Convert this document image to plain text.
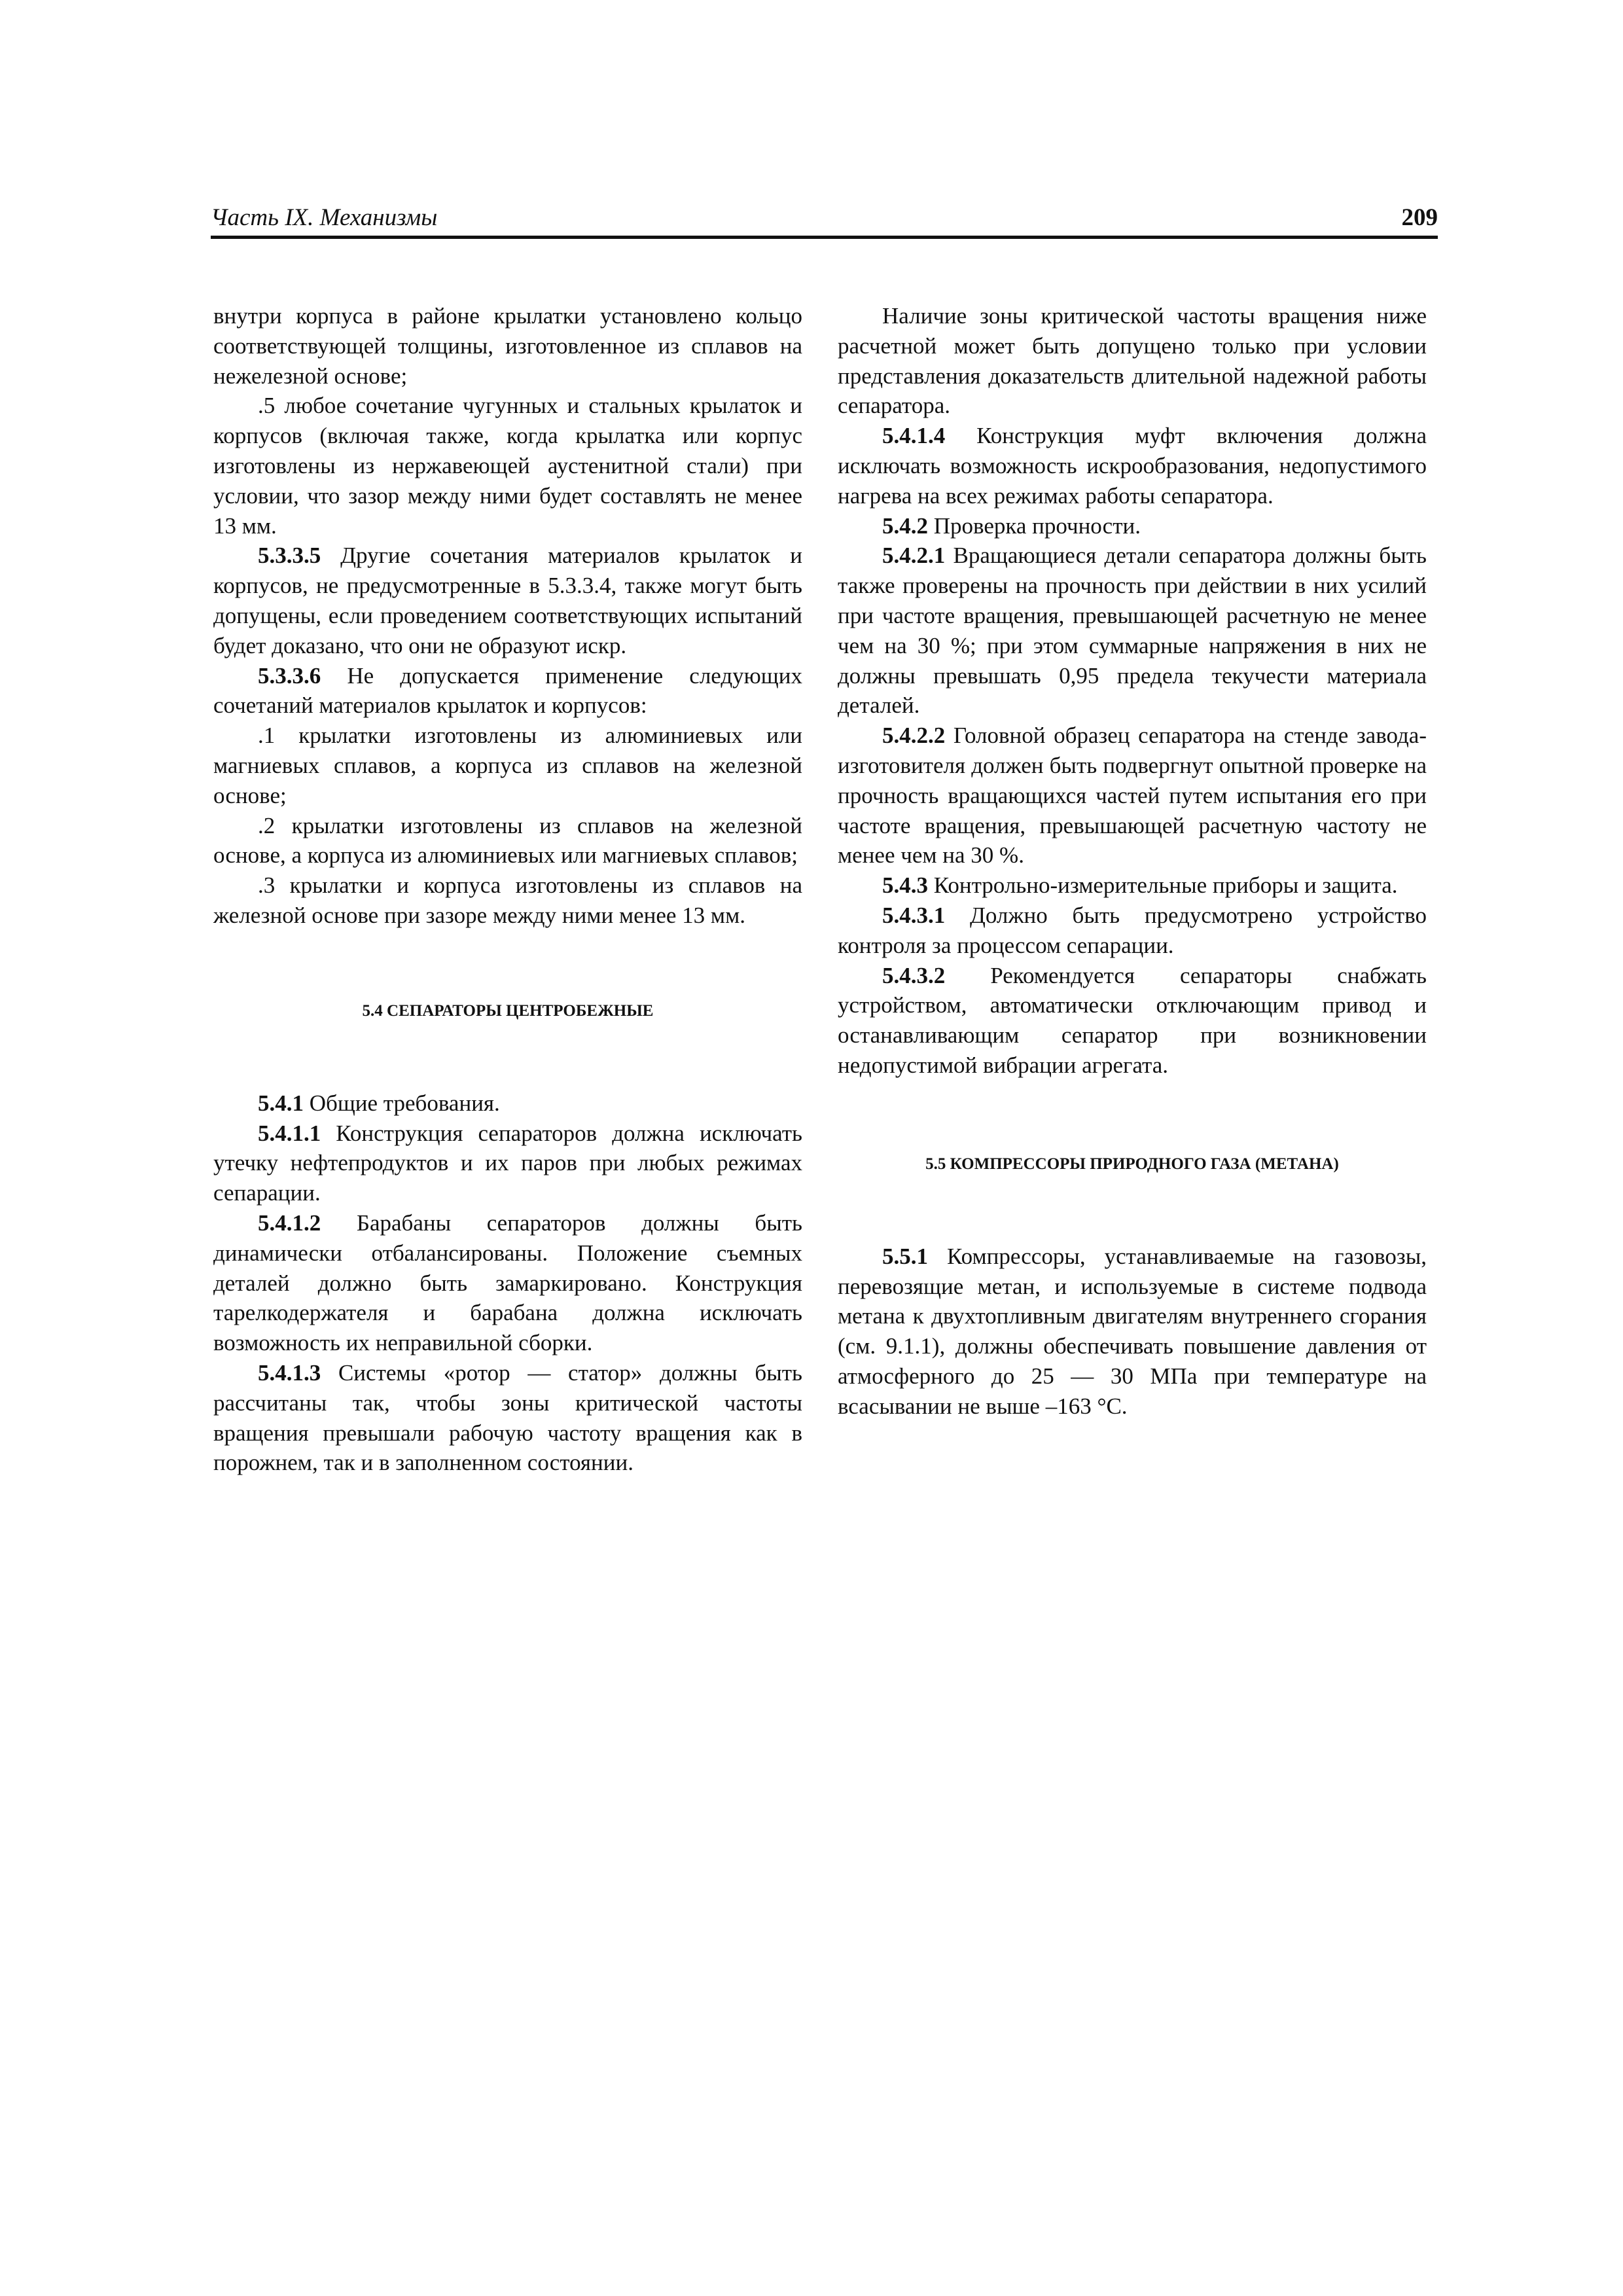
Часть IX. Механизмы	209

внутри корпуса в районе крылатки установлено кольцо соответствующей толщины, изготовленное из сплавов на нежелезной основе;

.5 любое сочетание чугунных и стальных крылаток и корпусов (включая также, когда крылатка или корпус изготовлены из нержавеющей аустенитной стали) при условии, что зазор между ними будет составлять не менее 13 мм.

5.3.3.5 Другие сочетания материалов крылаток и корпусов, не предусмотренные в 5.3.3.4, также могут быть допущены, если проведением соответствующих испытаний будет доказано, что они не образуют искр.

5.3.3.6 Не допускается применение следующих сочетаний материалов крылаток и корпусов:

.1 крылатки изготовлены из алюминиевых или магниевых сплавов, а корпуса из сплавов на железной основе;

.2 крылатки изготовлены из сплавов на железной основе, а корпуса из алюминиевых или магниевых сплавов;

.3 крылатки и корпуса изготовлены из сплавов на железной основе при зазоре между ними менее 13 мм.

5.4 СЕПАРАТОРЫ ЦЕНТРОБЕЖНЫЕ

5.4.1 Общие требования.

5.4.1.1 Конструкция сепараторов должна исключать утечку нефтепродуктов и их паров при любых режимах сепарации.

5.4.1.2 Барабаны сепараторов должны быть динамически отбалансированы. Положение съемных деталей должно быть замаркировано. Конструкция тарелкодержателя и барабана должна исключать возможность их неправильной сборки.

5.4.1.3 Системы «ротор — статор» должны быть рассчитаны так, чтобы зоны критической частоты вращения превышали рабочую частоту вращения как в порожнем, так и в заполненном состоянии.

Наличие зоны критической частоты вращения ниже расчетной может быть допущено только при условии представления доказательств длительной надежной работы сепаратора.

5.4.1.4 Конструкция муфт включения должна исключать возможность искрообразования, недопустимого нагрева на всех режимах работы сепаратора.

5.4.2 Проверка прочности.

5.4.2.1 Вращающиеся детали сепаратора должны быть также проверены на прочность при действии в них усилий при частоте вращения, превышающей расчетную не менее чем на 30 %; при этом суммарные напряжения в них не должны превышать 0,95 предела текучести материала деталей.

5.4.2.2 Головной образец сепаратора на стенде завода-изготовителя должен быть подвергнут опытной проверке на прочность вращающихся частей путем испытания его при частоте вращения, превышающей расчетную частоту не менее чем на 30 %.

5.4.3 Контрольно-измерительные приборы и защита.

5.4.3.1 Должно быть предусмотрено устройство контроля за процессом сепарации.

5.4.3.2 Рекомендуется сепараторы снабжать устройством, автоматически отключающим привод и останавливающим сепаратор при возникновении недопустимой вибрации агрегата.

5.5 КОМПРЕССОРЫ ПРИРОДНОГО ГАЗА (МЕТАНА)

5.5.1 Компрессоры, устанавливаемые на газовозы, перевозящие метан, и используемые в системе подвода метана к двухтопливным двигателям внутреннего сгорания (см. 9.1.1), должны обеспечивать повышение давления от атмосферного до 25 — 30 МПа при температуре на всасывании не выше –163 °C.
